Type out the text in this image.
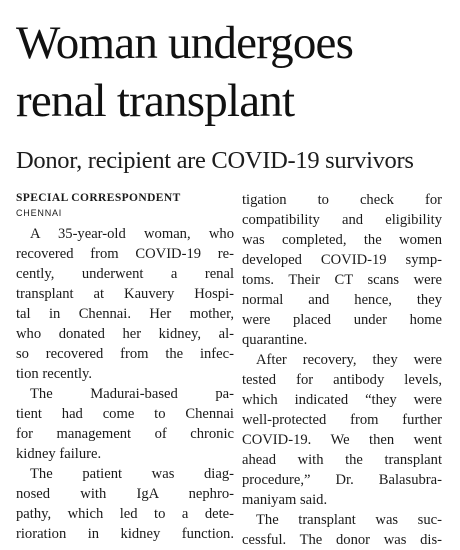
Woman undergoes renal transplant
Donor, recipient are COVID-19 survivors

SPECIAL CORRESPONDENT

CHENNAI

A 35-year-old woman, who
recovered from COVID-19 re-
cently, underwent a renal
transplant at Kauvery Hospi-
tal in Chennai. Her mother,
who donated her kidney, al-
so recovered from the infec-
tion recently.
The Madurai-based pa-
tient had come to Chennai
for management of chronic
kidney failure.
The patient was diag-
nosed with IgA nephro-
pathy, which led to a dete-
rioration in kidney function.
tigation to check for
compatibility and eligibility
was completed, the women
developed COVID-19 symp-
toms. Their CT scans were
normal and hence, they
were placed under home
quarantine.
After recovery, they were
tested for antibody levels,
which indicated “they were
well-protected from further
COVID-19. We then went
ahead with the transplant
procedure,” Dr. Balasubra-
maniyam said.
The transplant was suc-
cessful. The donor was dis-
